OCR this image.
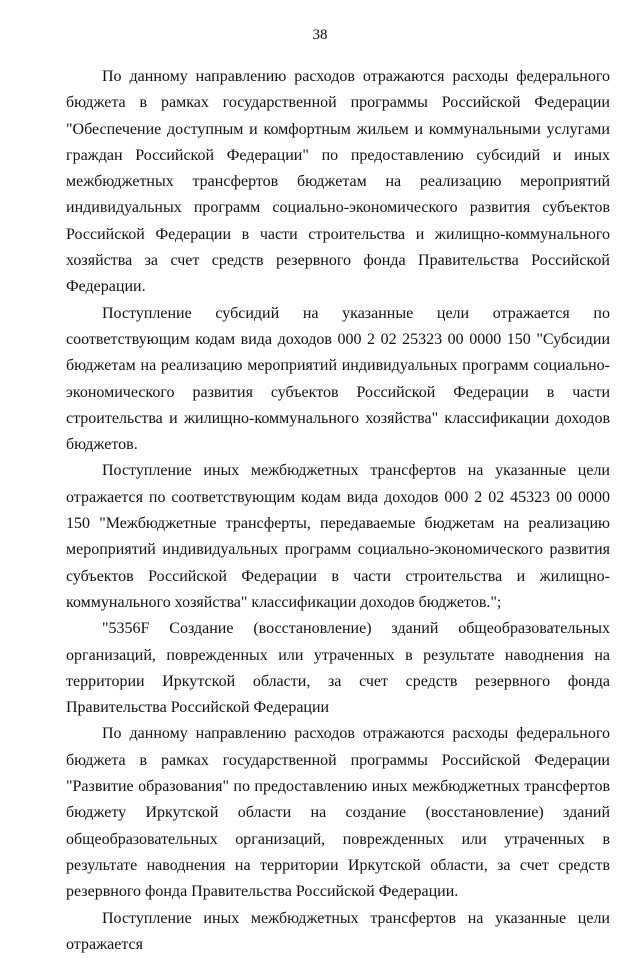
38

По данному направлению расходов отражаются расходы федерального бюджета в рамках государственной программы Российской Федерации "Обеспечение доступным и комфортным жильем и коммунальными услугами граждан Российской Федерации" по предоставлению субсидий и иных межбюджетных трансфертов бюджетам на реализацию мероприятий индивидуальных программ социально-экономического развития субъектов Российской Федерации в части строительства и жилищно-коммунального хозяйства за счет средств резервного фонда Правительства Российской Федерации.

Поступление субсидий на указанные цели отражается по соответствующим кодам вида доходов 000 2 02 25323 00 0000 150 "Субсидии бюджетам на реализацию мероприятий индивидуальных программ социально-экономического развития субъектов Российской Федерации в части строительства и жилищно-коммунального хозяйства" классификации доходов бюджетов.

Поступление иных межбюджетных трансфертов на указанные цели отражается по соответствующим кодам вида доходов 000 2 02 45323 00 0000 150 "Межбюджетные трансферты, передаваемые бюджетам на реализацию мероприятий индивидуальных программ социально-экономического развития субъектов Российской Федерации в части строительства и жилищно-коммунального хозяйства" классификации доходов бюджетов.";

"5356F Создание (восстановление) зданий общеобразовательных организаций, поврежденных или утраченных в результате наводнения на территории Иркутской области, за счет средств резервного фонда Правительства Российской Федерации

По данному направлению расходов отражаются расходы федерального бюджета в рамках государственной программы Российской Федерации "Развитие образования" по предоставлению иных межбюджетных трансфертов бюджету Иркутской области на создание (восстановление) зданий общеобразовательных организаций, поврежденных или утраченных в результате наводнения на территории Иркутской области, за счет средств резервного фонда Правительства Российской Федерации.

Поступление иных межбюджетных трансфертов на указанные цели отражается
